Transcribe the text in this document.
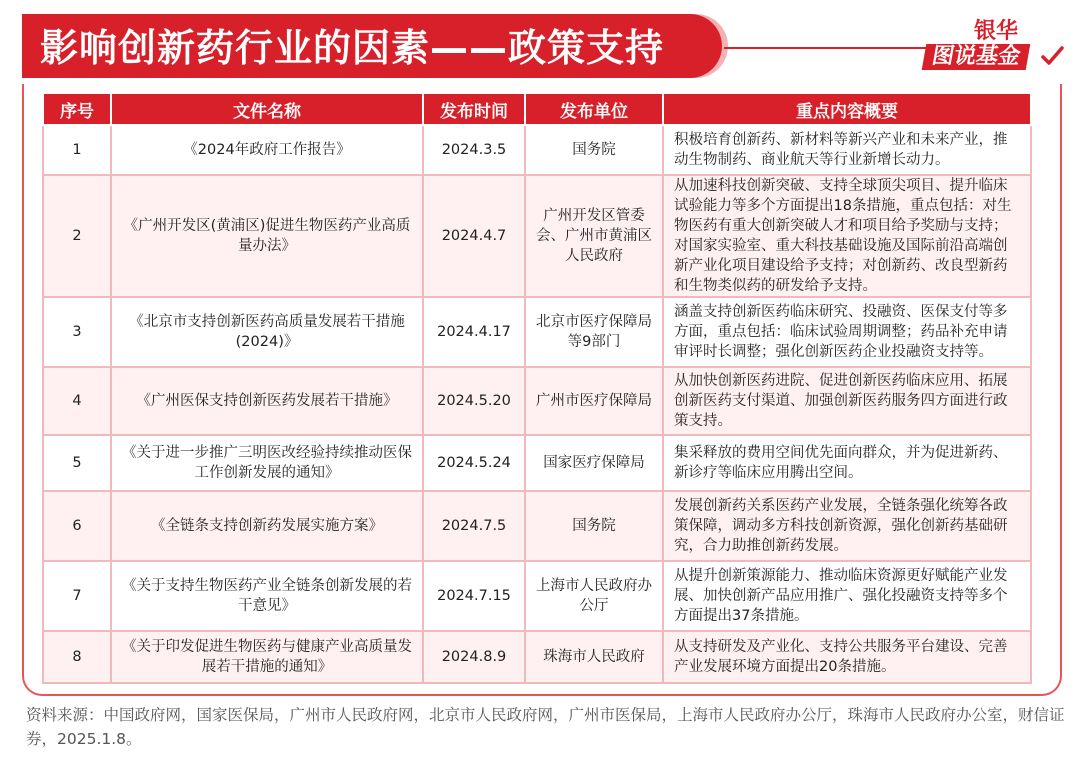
影响创新药行业的因素——政策支持	银华
图说基金
序号	文件名称	发布时间	发布单位	重点内容概要
1	《2024年政府工作报告》	2024.3.5	国务院	积极培育创新药、新材料等新兴产业和未来产业，推动生物制药、商业航天等行业新增长动力。
2	《广州开发区(黄浦区)促进生物医药产业高质量办法》	2024.4.7	广州开发区管委会、广州市黄浦区人民政府	从加速科技创新突破、支持全球顶尖项目、提升临床试验能力等多个方面提出18条措施，重点包括：对生物医药有重大创新突破人才和项目给予奖励与支持；对国家实验室、重大科技基础设施及国际前沿高端创新产业化项目建设给予支持；对创新药、改良型新药和生物类似药的研发给予支持。
3	《北京市支持创新医药高质量发展若干措施(2024)》	2024.4.17	北京市医疗保障局等9部门	涵盖支持创新医药临床研究、投融资、医保支付等多方面，重点包括：临床试验周期调整；药品补充申请审评时长调整；强化创新医药企业投融资支持等。
4	《广州医保支持创新医药发展若干措施》	2024.5.20	广州市医疗保障局	从加快创新医药进院、促进创新医药临床应用、拓展创新医药支付渠道、加强创新医药服务四方面进行政策支持。
5	《关于进一步推广三明医改经验持续推动医保工作创新发展的通知》	2024.5.24	国家医疗保障局	集采释放的费用空间优先面向群众，并为促进新药、新诊疗等临床应用腾出空间。
6	《全链条支持创新药发展实施方案》	2024.7.5	国务院	发展创新药关系医药产业发展，全链条强化统筹各政策保障，调动多方科技创新资源，强化创新药基础研究，合力助推创新药发展。
7	《关于支持生物医药产业全链条创新发展的若干意见》	2024.7.15	上海市人民政府办公厅	从提升创新策源能力、推动临床资源更好赋能产业发展、加快创新产品应用推广、强化投融资支持等多个方面提出37条措施。
8	《关于印发促进生物医药与健康产业高质量发展若干措施的通知》	2024.8.9	珠海市人民政府	从支持研发及产业化、支持公共服务平台建设、完善产业发展环境方面提出20条措施。
资料来源：中国政府网，国家医保局，广州市人民政府网，北京市人民政府网，广州市医保局，上海市人民政府办公厅，珠海市人民政府办公室，财信证券，2025.1.8。
